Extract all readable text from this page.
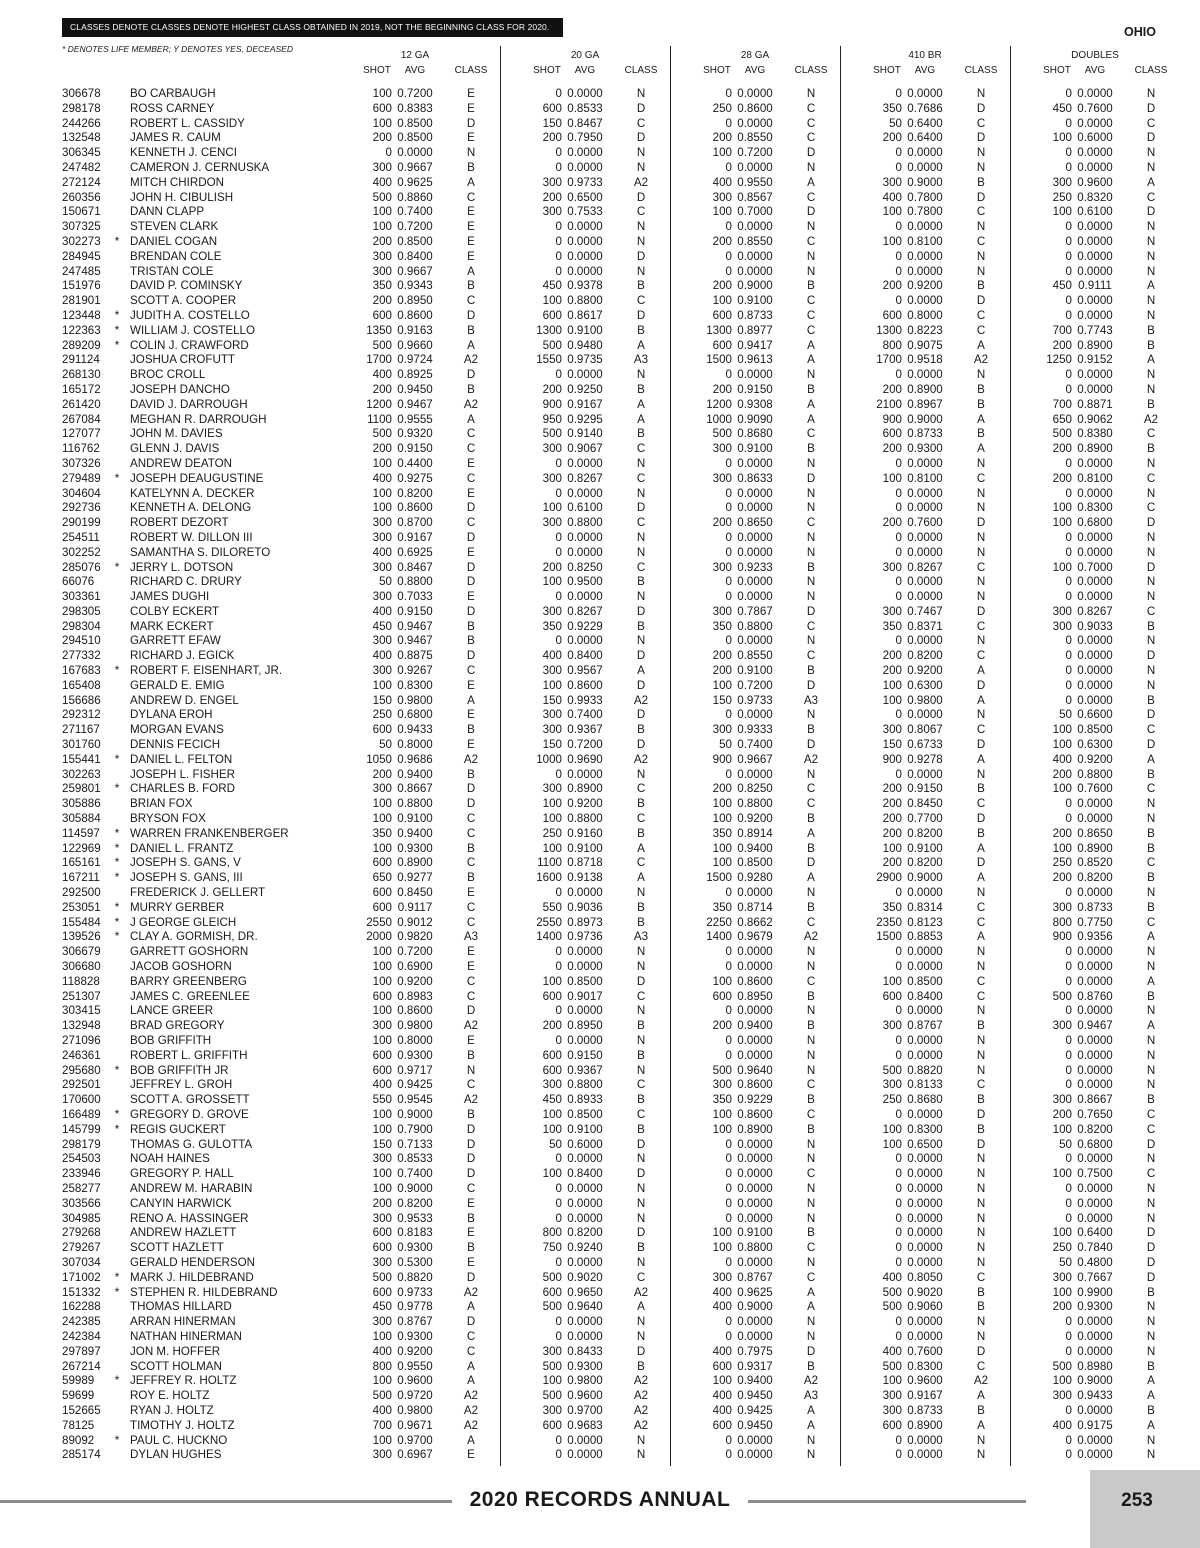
CLASSES DENOTE CLASSES DENOTE HIGHEST CLASS OBTAINED IN 2019, NOT THE BEGINNING CLASS FOR 2020.	OHIO
* DENOTES LIFE MEMBER; Y DENOTES YES, DECEASED
12 GA
SHOT	AVG	CLASS
20 GA
SHOT	AVG	CLASS
28 GA
SHOT	AVG	CLASS
410 BR
SHOT	AVG	CLASS
DOUBLES
SHOT	AVG	CLASS
306678	BO CARBAUGH	100 0.7200	E	0 0.0000	N	0 0.0000	N	0 0.0000	N	0 0.0000	N
298178	ROSS CARNEY	600 0.8383	E	600 0.8533	D	250 0.8600	C	350 0.7686	D	450 0.7600	D
244266	ROBERT L. CASSIDY	100 0.8500	D	150 0.8467	C	0 0.0000	C	50 0.6400	C	0 0.0000	C
132548	JAMES R. CAUM	200 0.8500	E	200 0.7950	D	200 0.8550	C	200 0.6400	D	100 0.6000	D
306345	KENNETH J. CENCI	0 0.0000	N	0 0.0000	N	100 0.7200	D	0 0.0000	N	0 0.0000	N
247482	CAMERON J. CERNUSKA	300 0.9667	B	0 0.0000	N	0 0.0000	N	0 0.0000	N	0 0.0000	N
272124	MITCH CHIRDON	400 0.9625	A	300 0.9733	A2	400 0.9550	A	300 0.9000	B	300 0.9600	A
260356	JOHN H. CIBULISH	500 0.8860	C	200 0.6500	D	300 0.8567	C	400 0.7800	D	250 0.8320	C
150671	DANN CLAPP	100 0.7400	E	300 0.7533	C	100 0.7000	D	100 0.7800	C	100 0.6100	D
307325	STEVEN CLARK	100 0.7200	E	0 0.0000	N	0 0.0000	N	0 0.0000	N	0 0.0000	N
302273	* DANIEL COGAN	200 0.8500	E	0 0.0000	N	200 0.8550	C	100 0.8100	C	0 0.0000	N
284945	BRENDAN COLE	300 0.8400	E	0 0.0000	D	0 0.0000	N	0 0.0000	N	0 0.0000	N
247485	TRISTAN COLE	300 0.9667	A	0 0.0000	N	0 0.0000	N	0 0.0000	N	0 0.0000	N
151976	DAVID P. COMINSKY	350 0.9343	B	450 0.9378	B	200 0.9000	B	200 0.9200	B	450 0.9111	A
281901	SCOTT A. COOPER	200 0.8950	C	100 0.8800	C	100 0.9100	C	0 0.0000	D	0 0.0000	N
123448	* JUDITH A. COSTELLO	600 0.8600	D	600 0.8617	D	600 0.8733	C	600 0.8000	C	0 0.0000	N
122363	* WILLIAM J. COSTELLO	1350 0.9163	B	1300 0.9100	B	1300 0.8977	C	1300 0.8223	C	700 0.7743	B
289209	* COLIN J. CRAWFORD	500 0.9660	A	500 0.9480	A	600 0.9417	A	800 0.9075	A	200 0.8900	B
291124	JOSHUA CROFUTT	1700 0.9724	A2	1550 0.9735	A3	1500 0.9613	A	1700 0.9518	A2	1250 0.9152	A
268130	BROC CROLL	400 0.8925	D	0 0.0000	N	0 0.0000	N	0 0.0000	N	0 0.0000	N
165172	JOSEPH DANCHO	200 0.9450	B	200 0.9250	B	200 0.9150	B	200 0.8900	B	0 0.0000	N
261420	DAVID J. DARROUGH	1200 0.9467	A2	900 0.9167	A	1200 0.9308	A	2100 0.8967	B	700 0.8871	B
267084	MEGHAN R. DARROUGH	1100 0.9555	A	950 0.9295	A	1000 0.9090	A	900 0.9000	A	650 0.9062	A2
127077	JOHN M. DAVIES	500 0.9320	C	500 0.9140	B	500 0.8680	C	600 0.8733	B	500 0.8380	C
116762	GLENN J. DAVIS	200 0.9150	C	300 0.9067	C	300 0.9100	B	200 0.9300	A	200 0.8900	B
307326	ANDREW DEATON	100 0.4400	E	0 0.0000	N	0 0.0000	N	0 0.0000	N	0 0.0000	N
279489	* JOSEPH DEAUGUSTINE	400 0.9275	C	300 0.8267	C	300 0.8633	D	100 0.8100	C	200 0.8100	C
304604	KATELYNN A. DECKER	100 0.8200	E	0 0.0000	N	0 0.0000	N	0 0.0000	N	0 0.0000	N
292736	KENNETH A. DELONG	100 0.8600	D	100 0.6100	D	0 0.0000	N	0 0.0000	N	100 0.8300	C
290199	ROBERT DEZORT	300 0.8700	C	300 0.8800	C	200 0.8650	C	200 0.7600	D	100 0.6800	D
254511	ROBERT W. DILLON III	300 0.9167	D	0 0.0000	N	0 0.0000	N	0 0.0000	N	0 0.0000	N
302252	SAMANTHA S. DILORETO	400 0.6925	E	0 0.0000	N	0 0.0000	N	0 0.0000	N	0 0.0000	N
285076	* JERRY L. DOTSON	300 0.8467	D	200 0.8250	C	300 0.9233	B	300 0.8267	C	100 0.7000	D
66076	RICHARD C. DRURY	50 0.8800	D	100 0.9500	B	0 0.0000	N	0 0.0000	N	0 0.0000	N
303361	JAMES DUGHI	300 0.7033	E	0 0.0000	N	0 0.0000	N	0 0.0000	N	0 0.0000	N
298305	COLBY ECKERT	400 0.9150	D	300 0.8267	D	300 0.7867	D	300 0.7467	D	300 0.8267	C
298304	MARK ECKERT	450 0.9467	B	350 0.9229	B	350 0.8800	C	350 0.8371	C	300 0.9033	B
294510	GARRETT EFAW	300 0.9467	B	0 0.0000	N	0 0.0000	N	0 0.0000	N	0 0.0000	N
277332	RICHARD J. EGICK	400 0.8875	D	400 0.8400	D	200 0.8550	C	200 0.8200	C	0 0.0000	D
167683	* ROBERT F. EISENHART, JR.	300 0.9267	C	300 0.9567	A	200 0.9100	B	200 0.9200	A	0 0.0000	N
165408	GERALD E. EMIG	100 0.8300	E	100 0.8600	D	100 0.7200	D	100 0.6300	D	0 0.0000	N
156686	ANDREW D. ENGEL	150 0.9800	A	150 0.9933	A2	150 0.9733	A3	100 0.9800	A	0 0.0000	B
292312	DYLANA EROH	250 0.6800	E	300 0.7400	D	0 0.0000	N	0 0.0000	N	50 0.6600	D
271167	MORGAN EVANS	600 0.9433	B	300 0.9367	B	300 0.9333	B	300 0.8067	C	100 0.8500	C
301760	DENNIS FECICH	50 0.8000	E	150 0.7200	D	50 0.7400	D	150 0.6733	D	100 0.6300	D
155441	* DANIEL L. FELTON	1050 0.9686	A2	1000 0.9690	A2	900 0.9667	A2	900 0.9278	A	400 0.9200	A
302263	JOSEPH L. FISHER	200 0.9400	B	0 0.0000	N	0 0.0000	N	0 0.0000	N	200 0.8800	B
259801	* CHARLES B. FORD	300 0.8667	D	300 0.8900	C	200 0.8250	C	200 0.9150	B	100 0.7600	C
305886	BRIAN FOX	100 0.8800	D	100 0.9200	B	100 0.8800	C	200 0.8450	C	0 0.0000	N
305884	BRYSON FOX	100 0.9100	C	100 0.8800	C	100 0.9200	B	200 0.7700	D	0 0.0000	N
114597	* WARREN FRANKENBERGER	350 0.9400	C	250 0.9160	B	350 0.8914	A	200 0.8200	B	200 0.8650	B
122969	* DANIEL L. FRANTZ	100 0.9300	B	100 0.9100	A	100 0.9400	B	100 0.9100	A	100 0.8900	B
165161	* JOSEPH S. GANS, V	600 0.8900	C	1100 0.8718	C	100 0.8500	D	200 0.8200	D	250 0.8520	C
167211	* JOSEPH S. GANS, III	650 0.9277	B	1600 0.9138	A	1500 0.9280	A	2900 0.9000	A	200 0.8200	B
292500	FREDERICK J. GELLERT	600 0.8450	E	0 0.0000	N	0 0.0000	N	0 0.0000	N	0 0.0000	N
253051	* MURRY GERBER	600 0.9117	C	550 0.9036	B	350 0.8714	B	350 0.8314	C	300 0.8733	B
155484	* J GEORGE GLEICH	2550 0.9012	C	2550 0.8973	B	2250 0.8662	C	2350 0.8123	C	800 0.7750	C
139526	* CLAY A. GORMISH, DR.	2000 0.9820	A3	1400 0.9736	A3	1400 0.9679	A2	1500 0.8853	A	900 0.9356	A
306679	GARRETT GOSHORN	100 0.7200	E	0 0.0000	N	0 0.0000	N	0 0.0000	N	0 0.0000	N
306680	JACOB GOSHORN	100 0.6900	E	0 0.0000	N	0 0.0000	N	0 0.0000	N	0 0.0000	N
118828	BARRY GREENBERG	100 0.9200	C	100 0.8500	D	100 0.8600	C	100 0.8500	C	0 0.0000	A
251307	JAMES C. GREENLEE	600 0.8983	C	600 0.9017	C	600 0.8950	B	600 0.8400	C	500 0.8760	B
303415	LANCE GREER	100 0.8600	D	0 0.0000	N	0 0.0000	N	0 0.0000	N	0 0.0000	N
132948	BRAD GREGORY	300 0.9800	A2	200 0.8950	B	200 0.9400	B	300 0.8767	B	300 0.9467	A
271096	BOB GRIFFITH	100 0.8000	E	0 0.0000	N	0 0.0000	N	0 0.0000	N	0 0.0000	N
246361	ROBERT L. GRIFFITH	600 0.9300	B	600 0.9150	B	0 0.0000	N	0 0.0000	N	0 0.0000	N
295680	* BOB GRIFFITH JR	600 0.9717	N	600 0.9367	N	500 0.9640	N	500 0.8820	N	0 0.0000	N
292501	JEFFREY L. GROH	400 0.9425	C	300 0.8800	C	300 0.8600	C	300 0.8133	C	0 0.0000	N
170600	SCOTT A. GROSSETT	550 0.9545	A2	450 0.8933	B	350 0.9229	B	250 0.8680	B	300 0.8667	B
166489	* GREGORY D. GROVE	100 0.9000	B	100 0.8500	C	100 0.8600	C	0 0.0000	D	200 0.7650	C
145799	* REGIS GUCKERT	100 0.7900	D	100 0.9100	B	100 0.8900	B	100 0.8300	B	100 0.8200	C
298179	THOMAS G. GULOTTA	150 0.7133	D	50 0.6000	D	0 0.0000	N	100 0.6500	D	50 0.6800	D
254503	NOAH HAINES	300 0.8533	D	0 0.0000	N	0 0.0000	N	0 0.0000	N	0 0.0000	N
233946	GREGORY P. HALL	100 0.7400	D	100 0.8400	D	0 0.0000	C	0 0.0000	N	100 0.7500	C
258277	ANDREW M. HARABIN	100 0.9000	C	0 0.0000	N	0 0.0000	N	0 0.0000	N	0 0.0000	N
303566	CANYIN HARWICK	200 0.8200	E	0 0.0000	N	0 0.0000	N	0 0.0000	N	0 0.0000	N
304985	RENO A. HASSINGER	300 0.9533	B	0 0.0000	N	0 0.0000	N	0 0.0000	N	0 0.0000	N
279268	ANDREW HAZLETT	600 0.8183	E	800 0.8200	D	100 0.9100	B	0 0.0000	N	100 0.6400	D
279267	SCOTT HAZLETT	600 0.9300	B	750 0.9240	B	100 0.8800	C	0 0.0000	N	250 0.7840	D
307034	GERALD HENDERSON	300 0.5300	E	0 0.0000	N	0 0.0000	N	0 0.0000	N	50 0.4800	D
171002	* MARK J. HILDEBRAND	500 0.8820	D	500 0.9020	C	300 0.8767	C	400 0.8050	C	300 0.7667	D
151332	* STEPHEN R. HILDEBRAND	600 0.9733	A2	600 0.9650	A2	400 0.9625	A	500 0.9020	B	100 0.9900	B
162288	THOMAS HILLARD	450 0.9778	A	500 0.9640	A	400 0.9000	A	500 0.9060	B	200 0.9300	N
242385	ARRAN HINERMAN	300 0.8767	D	0 0.0000	N	0 0.0000	N	0 0.0000	N	0 0.0000	N
242384	NATHAN HINERMAN	100 0.9300	C	0 0.0000	N	0 0.0000	N	0 0.0000	N	0 0.0000	N
297897	JON M. HOFFER	400 0.9200	C	300 0.8433	D	400 0.7975	D	400 0.7600	D	0 0.0000	N
267214	SCOTT HOLMAN	800 0.9550	A	500 0.9300	B	600 0.9317	B	500 0.8300	C	500 0.8980	B
59989	* JEFFREY R. HOLTZ	100 0.9600	A	100 0.9800	A2	100 0.9400	A2	100 0.9600	A2	100 0.9000	A
59699	ROY E. HOLTZ	500 0.9720	A2	500 0.9600	A2	400 0.9450	A3	300 0.9167	A	300 0.9433	A
152665	RYAN J. HOLTZ	400 0.9800	A2	300 0.9700	A2	400 0.9425	A	300 0.8733	B	0 0.0000	B
78125	TIMOTHY J. HOLTZ	700 0.9671	A2	600 0.9683	A2	600 0.9450	A	600 0.8900	A	400 0.9175	A
89092	* PAUL C. HUCKNO	100 0.9700	A	0 0.0000	N	0 0.0000	N	0 0.0000	N	0 0.0000	N
285174	DYLAN HUGHES	300 0.6967	E	0 0.0000	N	0 0.0000	N	0 0.0000	N	0 0.0000	N
2020 RECORDS ANNUAL	253
